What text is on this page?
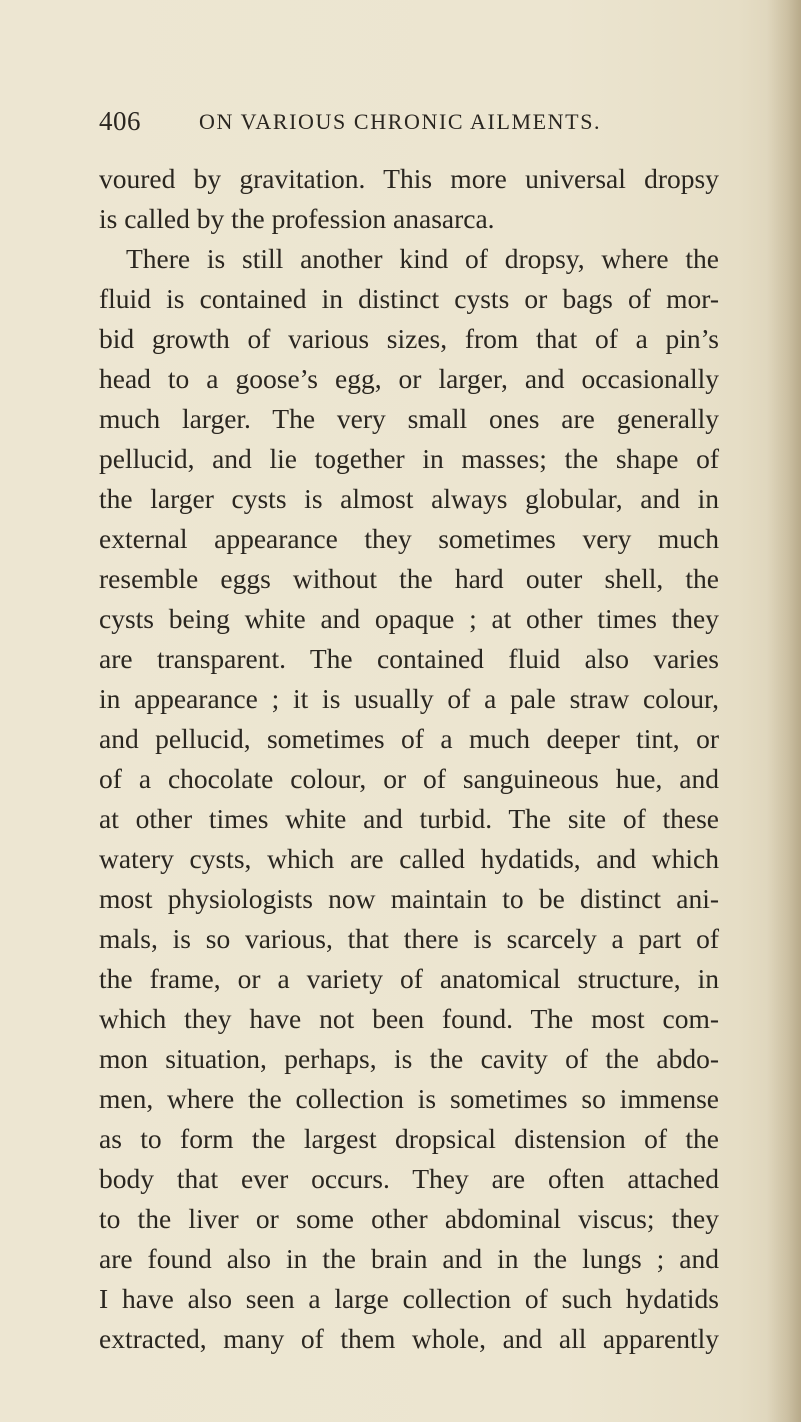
406	ON VARIOUS CHRONIC AILMENTS.
voured by gravitation. This more universal dropsy
is called by the profession anasarca.
There is still another kind of dropsy, where the
fluid is contained in distinct cysts or bags of mor-
bid growth of various sizes, from that of a pin’s
head to a goose’s egg, or larger, and occasionally
much larger. The very small ones are generally
pellucid, and lie together in masses; the shape of
the larger cysts is almost always globular, and in
external appearance they sometimes very much
resemble eggs without the hard outer shell, the
cysts being white and opaque ; at other times they
are transparent. The contained fluid also varies
in appearance ; it is usually of a pale straw colour,
and pellucid, sometimes of a much deeper tint, or
of a chocolate colour, or of sanguineous hue, and
at other times white and turbid. The site of these
watery cysts, which are called hydatids, and which
most physiologists now maintain to be distinct ani-
mals, is so various, that there is scarcely a part of
the frame, or a variety of anatomical structure, in
which they have not been found. The most com-
mon situation, perhaps, is the cavity of the abdo-
men, where the collection is sometimes so immense
as to form the largest dropsical distension of the
body that ever occurs. They are often attached
to the liver or some other abdominal viscus; they
are found also in the brain and in the lungs ; and
I have also seen a large collection of such hydatids
extracted, many of them whole, and all apparently
